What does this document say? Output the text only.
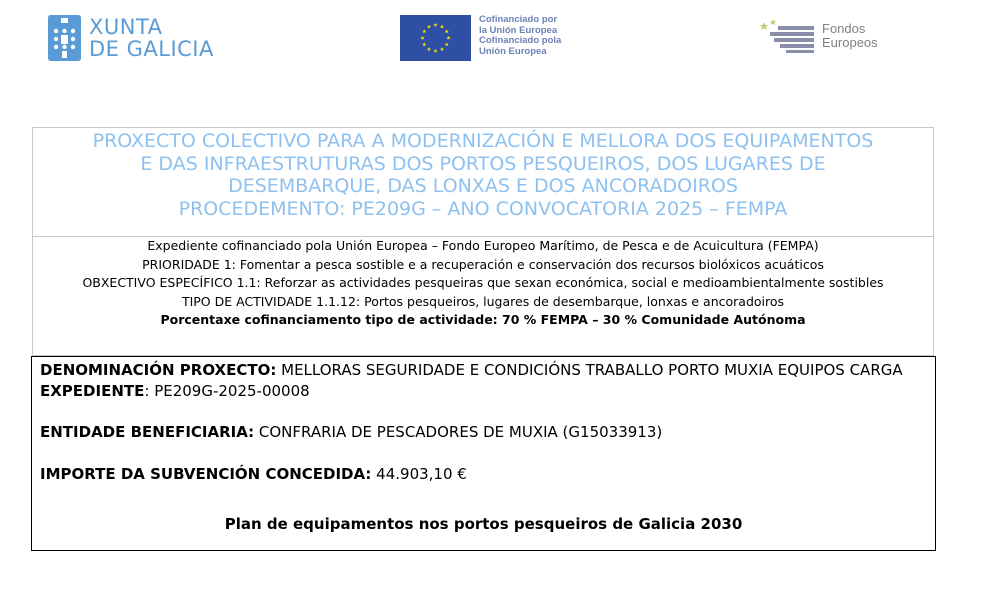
XUNTA
DE GALICIA
Cofinanciado por
la Unión Europea
Cofinanciado pola
Unión Europea
Fondos
Europeos
PROXECTO COLECTIVO PARA A MODERNIZACIÓN E MELLORA DOS EQUIPAMENTOS
E DAS INFRAESTRUTURAS DOS PORTOS PESQUEIROS, DOS LUGARES DE
DESEMBARQUE, DAS LONXAS E DOS ANCORADOIROS
PROCEDEMENTO: PE209G – ANO CONVOCATORIA 2025 – FEMPA
Expediente cofinanciado pola Unión Europea – Fondo Europeo Marítimo, de Pesca e de Acuicultura (FEMPA)
PRIORIDADE 1: Fomentar a pesca sostible e a recuperación e conservación dos recursos biolóxicos acuáticos
OBXECTIVO ESPECÍFICO 1.1: Reforzar as actividades pesqueiras que sexan económica, social e medioambientalmente sostibles
TIPO DE ACTIVIDADE 1.1.12: Portos pesqueiros, lugares de desembarque, lonxas e ancoradoiros
Porcentaxe cofinanciamento tipo de actividade: 70 % FEMPA – 30 % Comunidade Autónoma
DENOMINACIÓN PROXECTO: MELLORAS SEGURIDADE E CONDICIÓNS TRABALLO PORTO MUXIA EQUIPOS CARGA
EXPEDIENTE: PE209G-2025-00008
ENTIDADE BENEFICIARIA: CONFRARIA DE PESCADORES DE MUXIA (G15033913)
IMPORTE DA SUBVENCIÓN CONCEDIDA: 44.903,10 €
Plan de equipamentos nos portos pesqueiros de Galicia 2030
